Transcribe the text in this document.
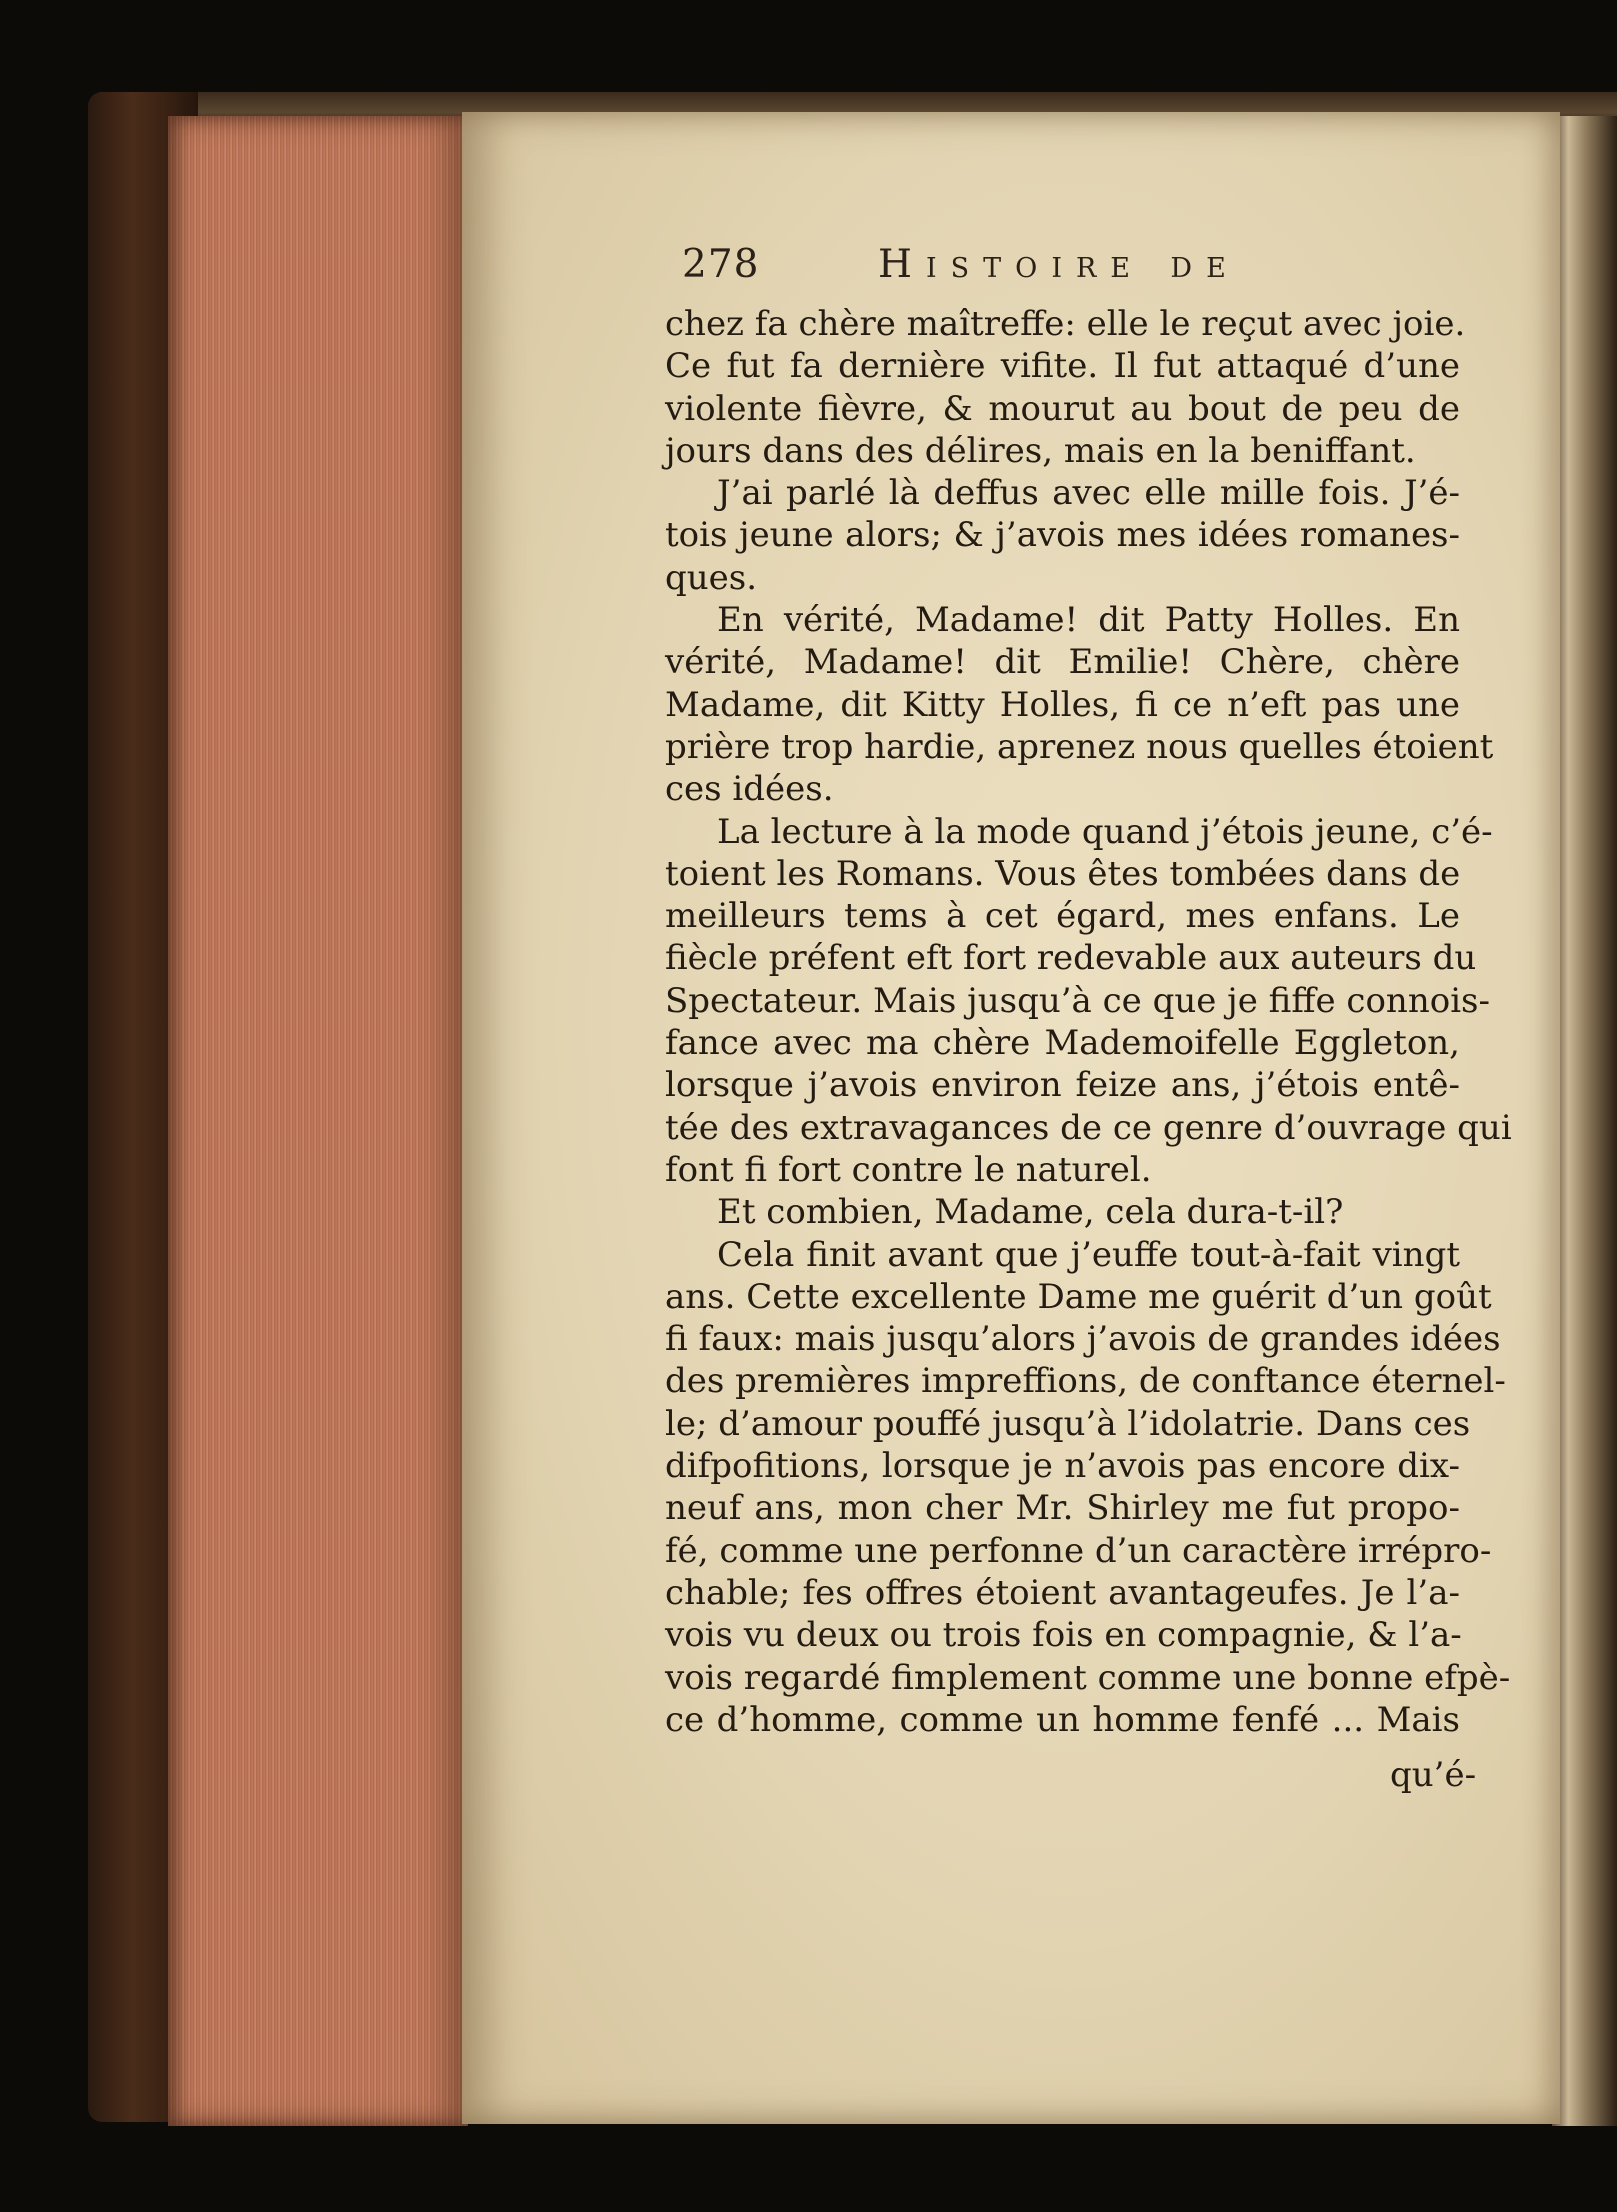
278	Histoire de
chez fa chère maîtreffe: elle le reçut avec joie.
Ce fut fa dernière vifite. Il fut attaqué d’une
violente fièvre, & mourut au bout de peu de
jours dans des délires, mais en la beniffant.
J’ai parlé là deffus avec elle mille fois. J’é-
tois jeune alors; & j’avois mes idées romanes-
ques.
En vérité, Madame! dit Patty Holles. En
vérité, Madame! dit Emilie! Chère, chère
Madame, dit Kitty Holles, fi ce n’eft pas une
prière trop hardie, aprenez nous quelles étoient
ces idées.
La lecture à la mode quand j’étois jeune, c’é-
toient les Romans. Vous êtes tombées dans de
meilleurs tems à cet égard, mes enfans. Le
fiècle préfent eft fort redevable aux auteurs du
Spectateur. Mais jusqu’à ce que je fiffe connois-
fance avec ma chère Mademoifelle Eggleton,
lorsque j’avois environ feize ans, j’étois entê-
tée des extravagances de ce genre d’ouvrage qui
font fi fort contre le naturel.
Et combien, Madame, cela dura-t-il?
Cela finit avant que j’euffe tout-à-fait vingt
ans. Cette excellente Dame me guérit d’un goût
fi faux: mais jusqu’alors j’avois de grandes idées
des premières impreffions, de conftance éternel-
le; d’amour pouffé jusqu’à l’idolatrie. Dans ces
difpofitions, lorsque je n’avois pas encore dix-
neuf ans, mon cher Mr. Shirley me fut propo-
fé, comme une perfonne d’un caractère irrépro-
chable; fes offres étoient avantageufes. Je l’a-
vois vu deux ou trois fois en compagnie, & l’a-
vois regardé fimplement comme une bonne efpè-
ce d’homme, comme un homme fenfé ... Mais
qu’é-
